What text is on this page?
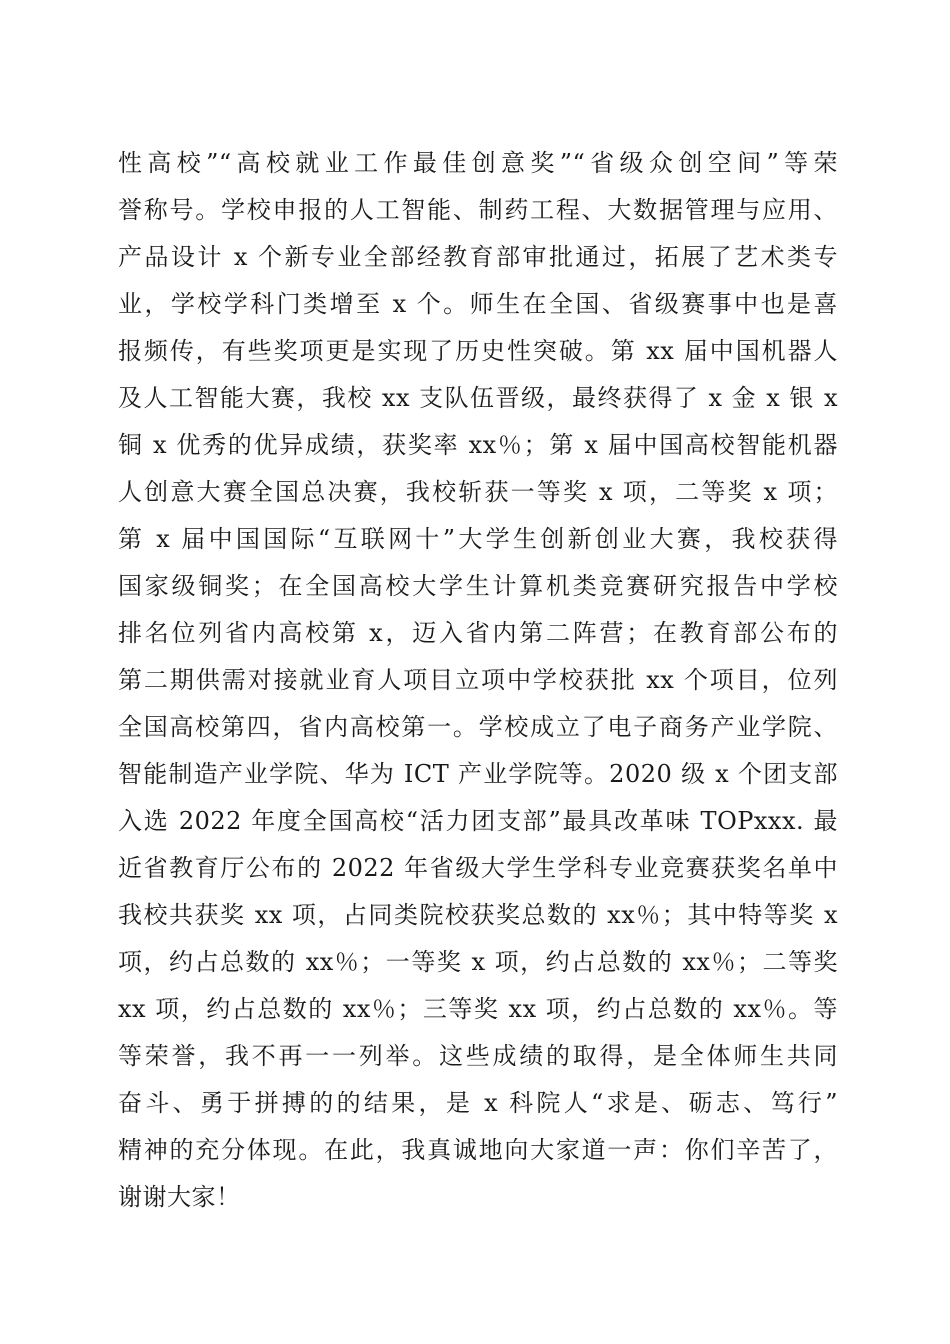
性高校”“高校就业工作最佳创意奖”“省级众创空间”等荣
誉称号。学校申报的人工智能、制药工程、大数据管理与应用、
产品设计 x 个新专业全部经教育部审批通过，拓展了艺术类专
业，学校学科门类增至 x 个。师生在全国、省级赛事中也是喜
报频传，有些奖项更是实现了历史性突破。第 xx 届中国机器人
及人工智能大赛，我校 xx 支队伍晋级，最终获得了 x 金 x 银 x
铜 x 优秀的优异成绩，获奖率 xx％；第 x 届中国高校智能机器
人创意大赛全国总决赛，我校斩获一等奖 x 项，二等奖 x 项；
第 x 届中国国际“互联网十”大学生创新创业大赛，我校获得
国家级铜奖；在全国高校大学生计算机类竞赛研究报告中学校
排名位列省内高校第 x，迈入省内第二阵营；在教育部公布的
第二期供需对接就业育人项目立项中学校获批 xx 个项目，位列
全国高校第四，省内高校第一。学校成立了电子商务产业学院、
智能制造产业学院、华为 ICT 产业学院等。2020 级 x 个团支部
入选 2022 年度全国高校“活力团支部”最具改革味 TOPxxx. 最
近省教育厅公布的 2022 年省级大学生学科专业竞赛获奖名单中
我校共获奖 xx 项，占同类院校获奖总数的 xx％；其中特等奖 x
项，约占总数的 xx％；一等奖 x 项，约占总数的 xx％；二等奖
xx 项，约占总数的 xx％；三等奖 xx 项，约占总数的 xx％。等
等荣誉，我不再一一列举。这些成绩的取得，是全体师生共同
奋斗、勇于拼搏的的结果，是 x 科院人“求是、砺志、笃行”
精神的充分体现。在此，我真诚地向大家道一声：你们辛苦了，
谢谢大家！
